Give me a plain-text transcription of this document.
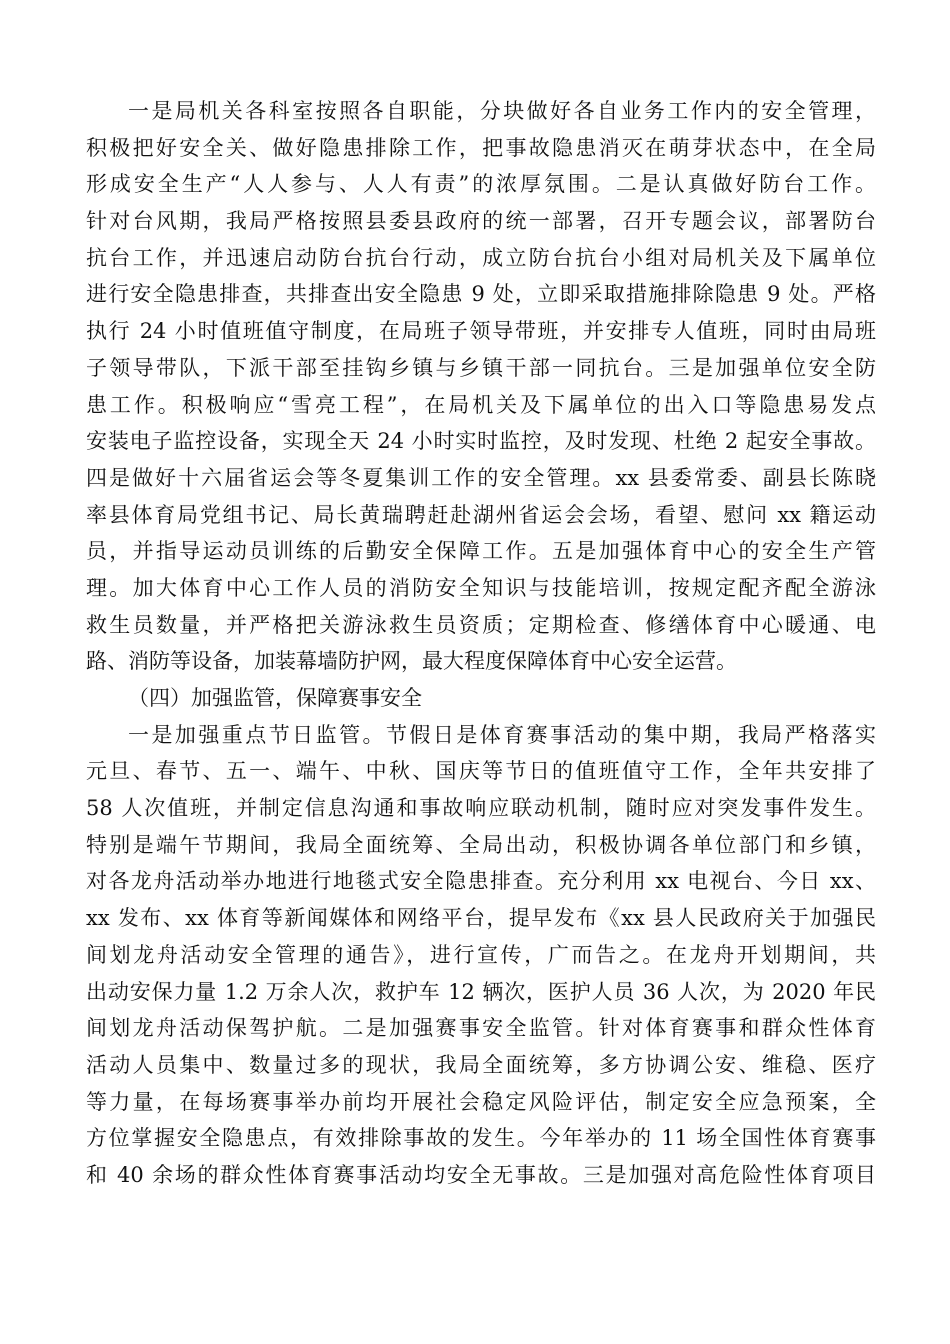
一是局机关各科室按照各自职能，分块做好各自业务工作内的安全管理，
积极把好安全关、做好隐患排除工作，把事故隐患消灭在萌芽状态中，在全局
形成安全生产“人人参与、人人有责”的浓厚氛围。二是认真做好防台工作。
针对台风期，我局严格按照县委县政府的统一部署，召开专题会议，部署防台
抗台工作，并迅速启动防台抗台行动，成立防台抗台小组对局机关及下属单位
进行安全隐患排查，共排查出安全隐患 9 处，立即采取措施排除隐患 9 处。严格
执行 24 小时值班值守制度，在局班子领导带班，并安排专人值班，同时由局班
子领导带队，下派干部至挂钩乡镇与乡镇干部一同抗台。三是加强单位安全防
患工作。积极响应“雪亮工程”，在局机关及下属单位的出入口等隐患易发点
安装电子监控设备，实现全天 24 小时实时监控，及时发现、杜绝 2 起安全事故。
四是做好十六届省运会等冬夏集训工作的安全管理。xx 县委常委、副县长陈晓
率县体育局党组书记、局长黄瑞聘赶赴湖州省运会会场，看望、慰问 xx 籍运动
员，并指导运动员训练的后勤安全保障工作。五是加强体育中心的安全生产管
理。加大体育中心工作人员的消防安全知识与技能培训，按规定配齐配全游泳
救生员数量，并严格把关游泳救生员资质；定期检查、修缮体育中心暖通、电
路、消防等设备，加装幕墙防护网，最大程度保障体育中心安全运营。
（四）加强监管，保障赛事安全
一是加强重点节日监管。节假日是体育赛事活动的集中期，我局严格落实
元旦、春节、五一、端午、中秋、国庆等节日的值班值守工作，全年共安排了
58 人次值班，并制定信息沟通和事故响应联动机制，随时应对突发事件发生。
特别是端午节期间，我局全面统筹、全局出动，积极协调各单位部门和乡镇，
对各龙舟活动举办地进行地毯式安全隐患排查。充分利用 xx 电视台、今日 xx、
xx 发布、xx 体育等新闻媒体和网络平台，提早发布《xx 县人民政府关于加强民
间划龙舟活动安全管理的通告》，进行宣传，广而告之。在龙舟开划期间，共
出动安保力量 1.2 万余人次，救护车 12 辆次，医护人员 36 人次，为 2020 年民
间划龙舟活动保驾护航。二是加强赛事安全监管。针对体育赛事和群众性体育
活动人员集中、数量过多的现状，我局全面统筹，多方协调公安、维稳、医疗
等力量，在每场赛事举办前均开展社会稳定风险评估，制定安全应急预案，全
方位掌握安全隐患点，有效排除事故的发生。今年举办的 11 场全国性体育赛事
和 40 余场的群众性体育赛事活动均安全无事故。三是加强对高危险性体育项目
